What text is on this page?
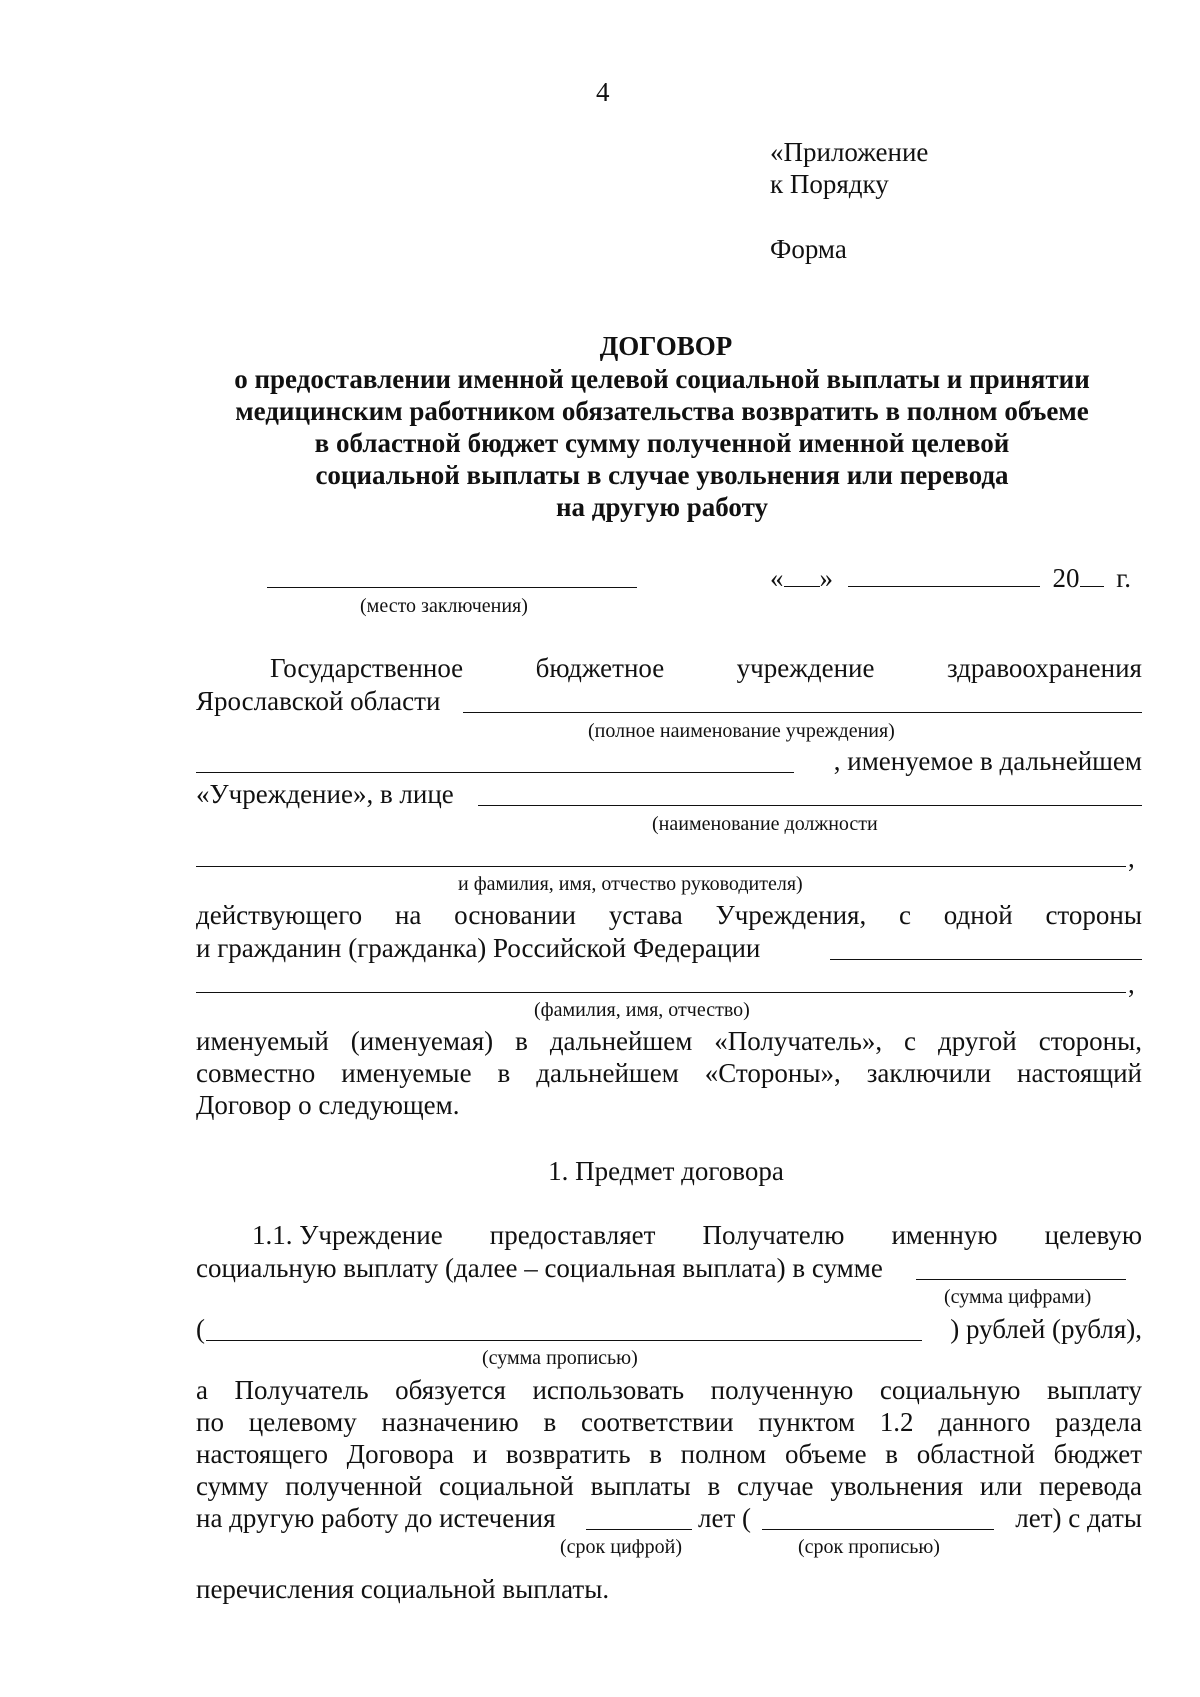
4
«Приложение
к Порядку
Форма
ДОГОВОР
о предоставлении именной целевой социальной выплаты и принятии
медицинским работником обязательства возвратить в полном объеме
в областной бюджет сумму полученной именной целевой
социальной выплаты в случае увольнения или перевода
на другую работу
(место заключения)
« »	20 г.
Государственное	бюджетное	учреждение	здравоохранения
Ярославской области
(полное наименование учреждения)
, именуемое в дальнейшем
«Учреждение», в лице
(наименование должности
,
и фамилия, имя, отчество руководителя)
действующего на основании устава Учреждения, с одной стороны
и гражданин (гражданка) Российской Федерации
,
(фамилия, имя, отчество)
именуемый (именуемая) в дальнейшем «Получатель», с другой стороны,
совместно именуемые в дальнейшем «Стороны», заключили настоящий
Договор о следующем.
1. Предмет договора
1.1. Учреждение предоставляет Получателю именную целевую
социальную выплату (далее – социальная выплата) в сумме
(сумма цифрами)
(	) рублей (рубля),
(сумма прописью)
а Получатель обязуется использовать полученную социальную выплату
по целевому назначению в соответствии пунктом 1.2 данного раздела
настоящего Договора и возвратить в полном объеме в областной бюджет
сумму полученной социальной выплаты в случае увольнения или перевода
на другую работу до истечения	лет (	лет) с даты
(срок цифрой)	(срок прописью)
перечисления социальной выплаты.
